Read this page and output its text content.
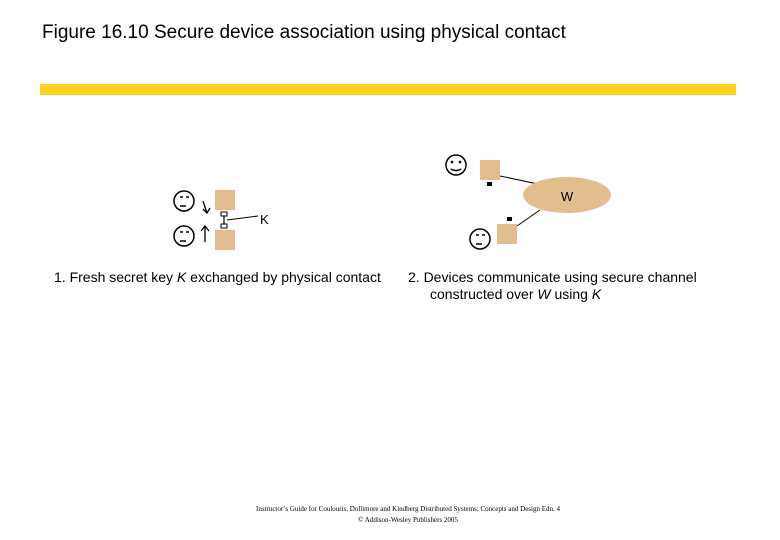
Figure 16.10 Secure device association using physical contact
K
W
1. Fresh secret key K exchanged by physical contact 2. Devices communicate using secure channel
constructed over W using K
Instructor’s Guide for Coulouris, Dollimore and Kindberg Distributed Systems: Concepts and Design Edn. 4
© Addison-Wesley Publishers 2005
